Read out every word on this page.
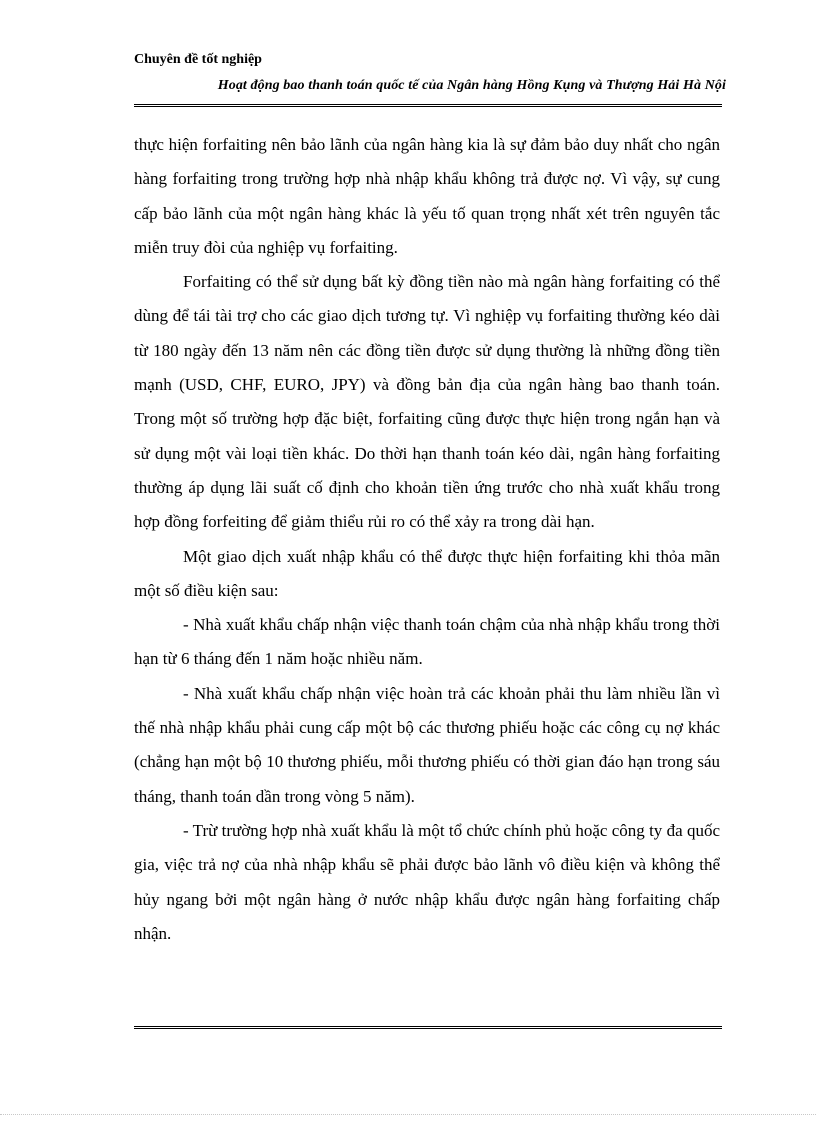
Chuyên đề tốt nghiệp
Hoạt động bao thanh toán quốc tế của Ngân hàng Hồng Kụng và Thượng Hải Hà Nội

thực hiện forfaiting nên bảo lãnh của ngân hàng kia là sự đảm bảo duy nhất cho ngân hàng forfaiting trong trường hợp nhà nhập khẩu không trả được nợ. Vì vậy, sự cung cấp bảo lãnh của một ngân hàng khác là yếu tố quan trọng nhất xét trên nguyên tắc miễn truy đòi của nghiệp vụ forfaiting.

Forfaiting có thể sử dụng bất kỳ đồng tiền nào mà ngân hàng forfaiting có thể dùng để tái tài trợ cho các giao dịch tương tự. Vì nghiệp vụ forfaiting thường kéo dài từ 180 ngày đến 13 năm nên các đồng tiền được sử dụng thường là những đồng tiền mạnh (USD, CHF, EURO, JPY) và đồng bản địa của ngân hàng bao thanh toán. Trong một số trường hợp đặc biệt, forfaiting cũng được thực hiện trong ngắn hạn và sử dụng một vài loại tiền khác. Do thời hạn thanh toán kéo dài, ngân hàng forfaiting thường áp dụng lãi suất cố định cho khoản tiền ứng trước cho nhà xuất khẩu trong hợp đồng forfeiting để giảm thiểu rủi ro có thể xảy ra trong dài hạn.

Một giao dịch xuất nhập khẩu có thể được thực hiện forfaiting khi thỏa mãn một số điều kiện sau:

- Nhà xuất khẩu chấp nhận việc thanh toán chậm của nhà nhập khẩu trong thời hạn từ 6 tháng đến 1 năm hoặc nhiều năm.

- Nhà xuất khẩu chấp nhận việc hoàn trả các khoản phải thu làm nhiều lần vì thế nhà nhập khẩu phải cung cấp một bộ các thương phiếu hoặc các công cụ nợ khác (chẳng hạn một bộ 10 thương phiếu, mỗi thương phiếu có thời gian đáo hạn trong sáu tháng, thanh toán dần trong vòng 5 năm).

- Trừ trường hợp nhà xuất khẩu là một tổ chức chính phủ hoặc công ty đa quốc gia, việc trả nợ của nhà nhập khẩu sẽ phải được bảo lãnh vô điều kiện và không thể hủy ngang bởi một ngân hàng ở nước nhập khẩu được ngân hàng forfaiting chấp nhận.
